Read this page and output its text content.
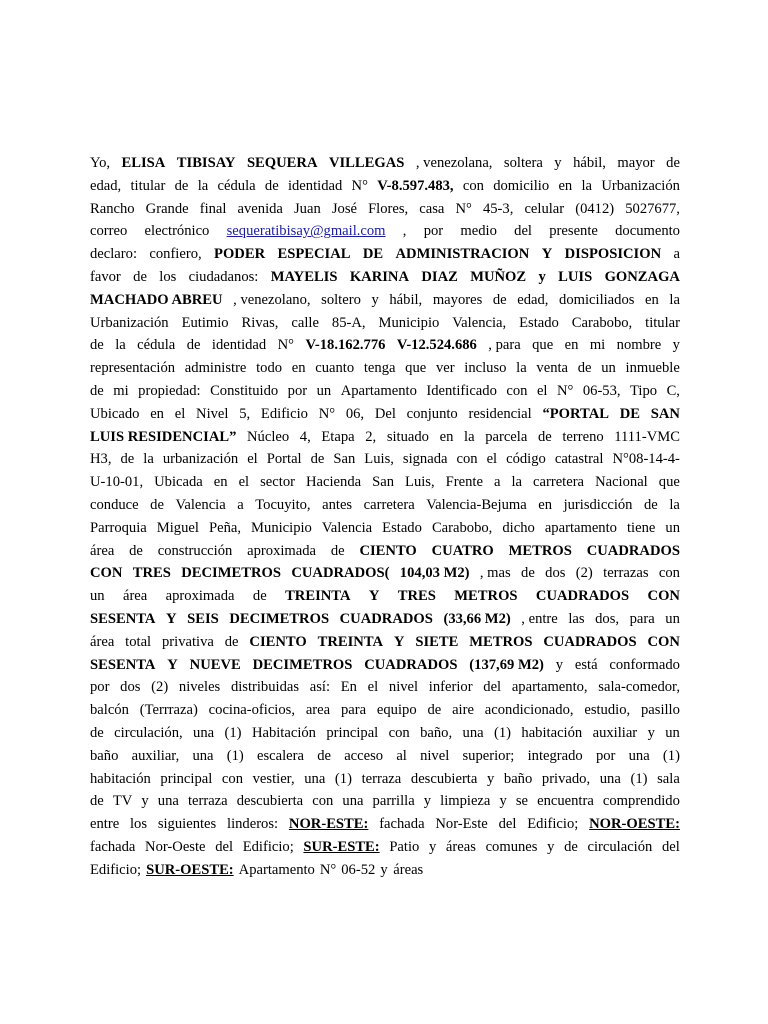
Yo, ELISA TIBISAY SEQUERA VILLEGAS , venezolana, soltera y hábil, mayor de
edad, titular de la cédula de identidad N° V-8.597.483, con domicilio en la Urbanización
Rancho Grande final avenida Juan José Flores, casa N° 45-3, celular (0412) 5027677,
correo electrónico sequeratibisay@gmail.com , por medio del presente documento
declaro: confiero, PODER ESPECIAL DE ADMINISTRACION Y DISPOSICION a
favor de los ciudadanos: MAYELIS KARINA DIAZ MUÑOZ y LUIS GONZAGA
MACHADO ABREU , venezolano, soltero y hábil, mayores de edad, domiciliados en la
Urbanización Eutimio Rivas, calle 85-A, Municipio Valencia, Estado Carabobo, titular
de la cédula de identidad N° V-18.162.776 V-12.524.686 , para que en mi nombre y
representación administre todo en cuanto tenga que ver incluso la venta de un inmueble
de mi propiedad: Constituido por un Apartamento Identificado con el N° 06-53, Tipo C,
Ubicado en el Nivel 5, Edificio N° 06, Del conjunto residencial “PORTAL DE SAN
LUIS RESIDENCIAL” Núcleo 4, Etapa 2, situado en la parcela de terreno 1111-VMC
H3, de la urbanización el Portal de San Luis, signada con el código catastral N°08-14-4-
U-10-01, Ubicada en el sector Hacienda San Luis, Frente a la carretera Nacional que
conduce de Valencia a Tocuyito, antes carretera Valencia-Bejuma en jurisdicción de la
Parroquia Miguel Peña, Municipio Valencia Estado Carabobo, dicho apartamento tiene un
área de construcción aproximada de CIENTO CUATRO METROS CUADRADOS
CON TRES DECIMETROS CUADRADOS( 104,03 M2) , mas de dos (2) terrazas con
un área aproximada de TREINTA Y TRES METROS CUADRADOS CON
SESENTA Y SEIS DECIMETROS CUADRADOS (33,66 M2) , entre las dos, para un
área total privativa de CIENTO TREINTA Y SIETE METROS CUADRADOS CON
SESENTA Y NUEVE DECIMETROS CUADRADOS (137,69 M2) y está conformado
por dos (2) niveles distribuidas así: En el nivel inferior del apartamento, sala-comedor,
balcón (Terrraza) cocina-oficios, area para equipo de aire acondicionado, estudio, pasillo
de circulación, una (1) Habitación principal con baño, una (1) habitación auxiliar y un
baño auxiliar, una (1) escalera de acceso al nivel superior; integrado por una (1)
habitación principal con vestier, una (1) terraza descubierta y baño privado, una (1) sala
de TV y una terraza descubierta con una parrilla y limpieza y se encuentra comprendido
entre los siguientes linderos: NOR-ESTE: fachada Nor-Este del Edificio; NOR-OESTE:
fachada Nor-Oeste del Edificio; SUR-ESTE: Patio y áreas comunes y de circulación del
Edificio; SUR-OESTE: Apartamento N° 06-52 y áreas
